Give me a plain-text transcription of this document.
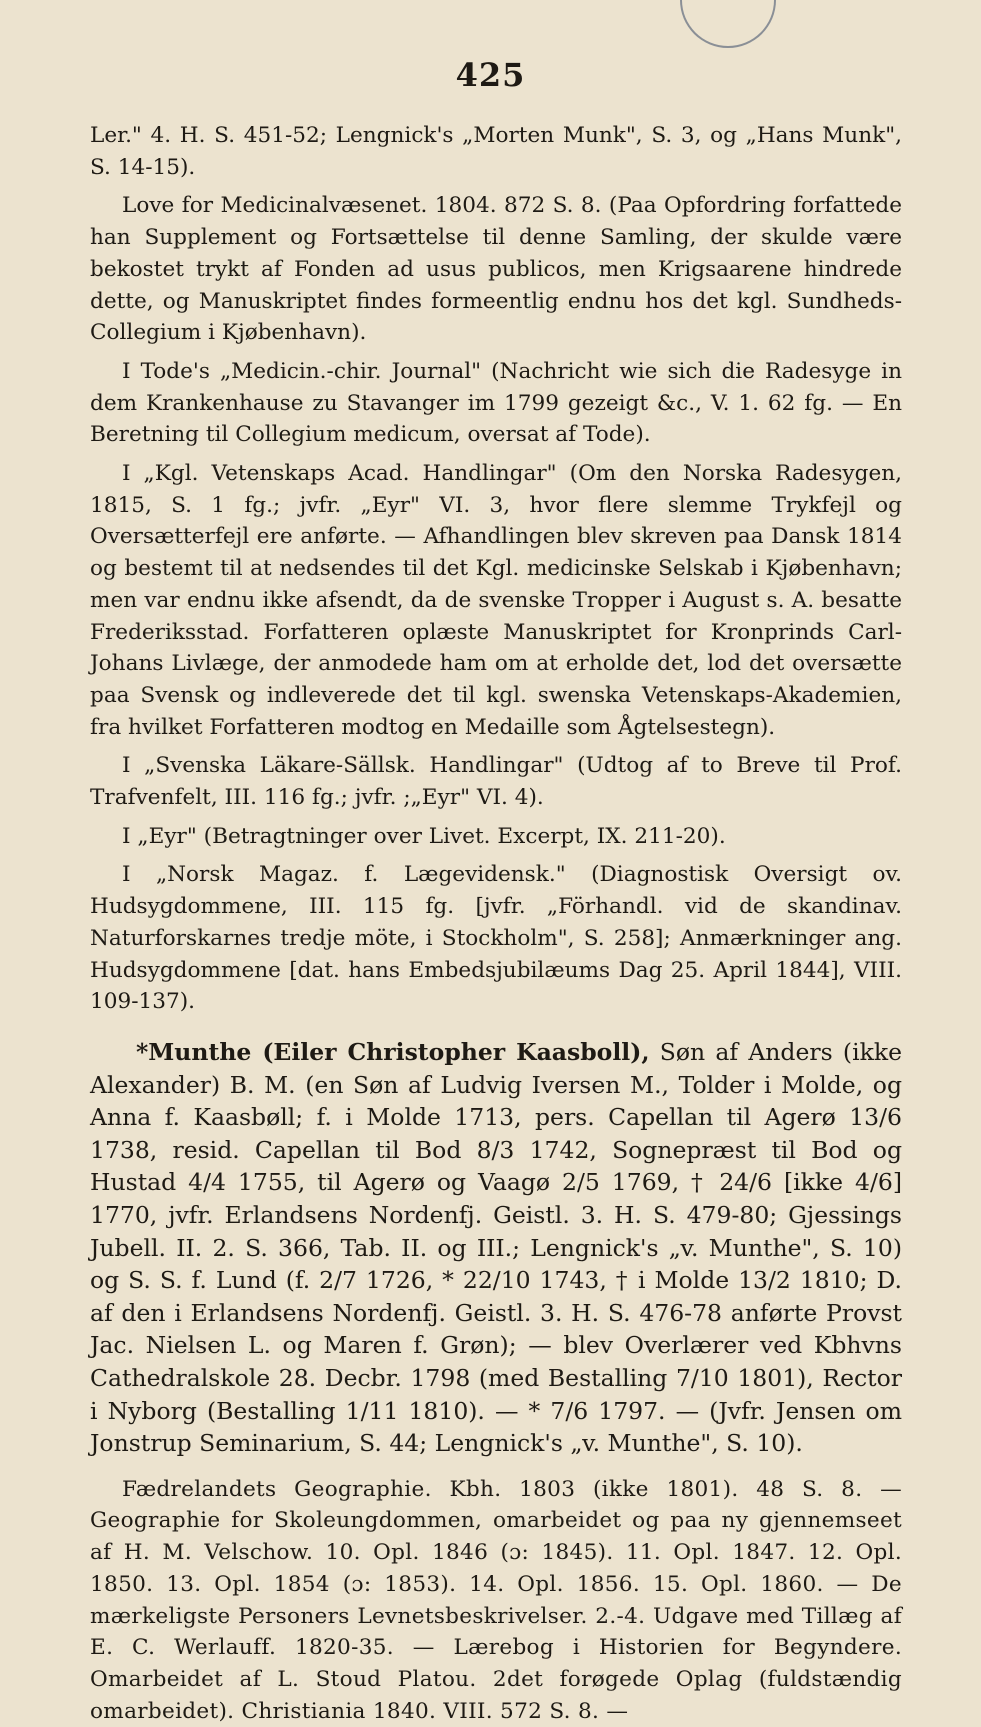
425

Ler." 4. H. S. 451-52; Lengnick's „Morten Munk", S. 3, og „Hans Munk", S. 14-15).

Love for Medicinalvæsenet. 1804. 872 S. 8. (Paa Opfordring forfattede han Supplement og Fortsættelse til denne Samling, der skulde være bekostet trykt af Fonden ad usus publicos, men Krigsaarene hindrede dette, og Manuskriptet findes formeentlig endnu hos det kgl. Sundheds-Collegium i Kjøbenhavn).

I Tode's „Medicin.-chir. Journal" (Nachricht wie sich die Radesyge in dem Krankenhause zu Stavanger im 1799 gezeigt &c., V. 1. 62 fg. — En Beretning til Collegium medicum, oversat af Tode).

I „Kgl. Vetenskaps Acad. Handlingar" (Om den Norska Radesygen, 1815, S. 1 fg.; jvfr. „Eyr" VI. 3, hvor flere slemme Trykfejl og Oversætterfejl ere anførte. — Afhandlingen blev skreven paa Dansk 1814 og bestemt til at nedsendes til det Kgl. medicinske Selskab i Kjøbenhavn; men var endnu ikke afsendt, da de svenske Tropper i August s. A. besatte Frederiksstad. Forfatteren oplæste Manuskriptet for Kronprinds Carl-Johans Livlæge, der anmodede ham om at erholde det, lod det oversætte paa Svensk og indleverede det til kgl. swenska Vetenskaps-Akademien, fra hvilket Forfatteren modtog en Medaille som Ågtelsestegn).

I „Svenska Läkare-Sällsk. Handlingar" (Udtog af to Breve til Prof. Trafvenfelt, III. 116 fg.; jvfr. ;„Eyr" VI. 4).

I „Eyr" (Betragtninger over Livet. Excerpt, IX. 211-20).

I „Norsk Magaz. f. Lægevidensk." (Diagnostisk Oversigt ov. Hudsygdommene, III. 115 fg. [jvfr. „Förhandl. vid de skandinav. Naturforskarnes tredje möte, i Stockholm", S. 258]; Anmærkninger ang. Hudsygdommene [dat. hans Embedsjubilæums Dag 25. April 1844], VIII. 109-137).

*Munthe (Eiler Christopher Kaasboll), Søn af Anders (ikke Alexander) B. M. (en Søn af Ludvig Iversen M., Tolder i Molde, og Anna f. Kaasbøll; f. i Molde 1713, pers. Capellan til Agerø 13/6 1738, resid. Capellan til Bod 8/3 1742, Sognepræst til Bod og Hustad 4/4 1755, til Agerø og Vaagø 2/5 1769, † 24/6 [ikke 4/6] 1770, jvfr. Erlandsens Nordenfj. Geistl. 3. H. S. 479-80; Gjessings Jubell. II. 2. S. 366, Tab. II. og III.; Lengnick's „v. Munthe", S. 10) og S. S. f. Lund (f. 2/7 1726, * 22/10 1743, † i Molde 13/2 1810; D. af den i Erlandsens Nordenfj. Geistl. 3. H. S. 476-78 anførte Provst Jac. Nielsen L. og Maren f. Grøn); — blev Overlærer ved Kbhvns Cathedralskole 28. Decbr. 1798 (med Bestalling 7/10 1801), Rector i Nyborg (Bestalling 1/11 1810). — * 7/6 1797. — (Jvfr. Jensen om Jonstrup Seminarium, S. 44; Lengnick's „v. Munthe", S. 10).

Fædrelandets Geographie. Kbh. 1803 (ikke 1801). 48 S. 8. — Geographie for Skoleungdommen, omarbeidet og paa ny gjennemseet af H. M. Velschow. 10. Opl. 1846 (ɔ: 1845). 11. Opl. 1847. 12. Opl. 1850. 13. Opl. 1854 (ɔ: 1853). 14. Opl. 1856. 15. Opl. 1860. — De mærkeligste Personers Levnetsbeskrivelser. 2.-4. Udgave med Tillæg af E. C. Werlauff. 1820-35. — Lærebog i Historien for Begyndere. Omarbeidet af L. Stoud Platou. 2det forøgede Oplag (fuldstændig omarbeidet). Christiania 1840. VIII. 572 S. 8. —
